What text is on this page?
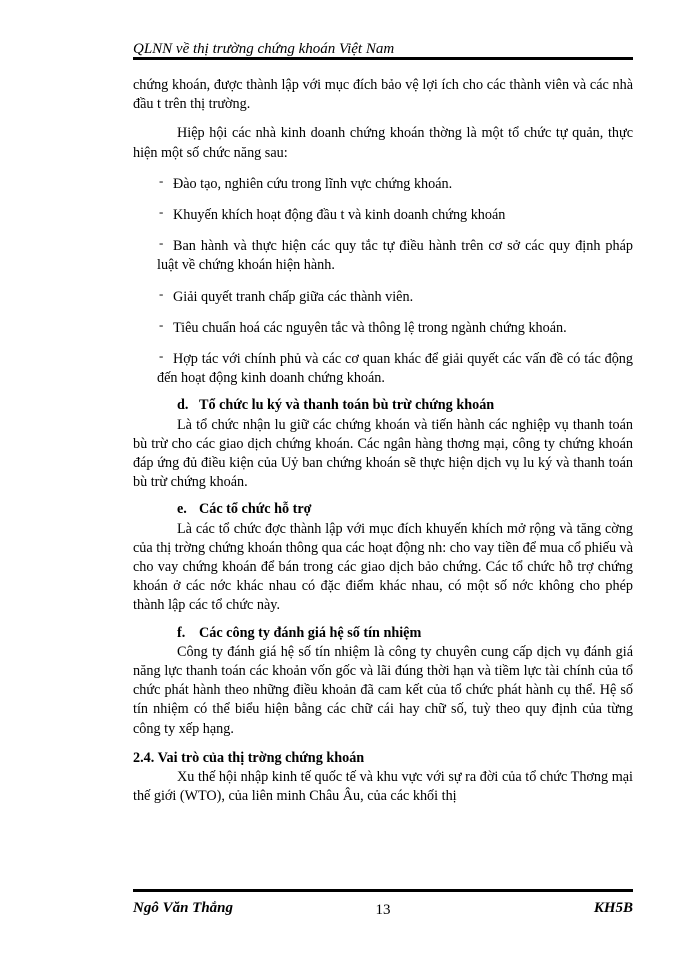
QLNN về thị trường chứng khoán Việt Nam

chứng khoán, được thành lập với mục đích bảo vệ lợi ích cho các thành viên và các nhà đầu t trên thị trường.

Hiệp hội các nhà kinh doanh chứng khoán thờng là một tổ chức tự quản, thực hiện một số chức năng sau:

- Đào tạo, nghiên cứu trong lĩnh vực chứng khoán.
- Khuyến khích hoạt động đầu t và kinh doanh chứng khoán
- Ban hành và thực hiện các quy tắc tự điều hành trên cơ sở các quy định pháp luật về chứng khoán hiện hành.
- Giải quyết tranh chấp giữa các thành viên.
- Tiêu chuẩn hoá các nguyên tắc và thông lệ trong ngành chứng khoán.
- Hợp tác với chính phủ và các cơ quan khác để giải quyết các vấn đề có tác động đến hoạt động kinh doanh chứng khoán.

d. Tổ chức lu ký và thanh toán bù trừ chứng khoán

Là tổ chức nhận lu giữ các chứng khoán và tiến hành các nghiệp vụ thanh toán bù trừ cho các giao dịch chứng khoán. Các ngân hàng thơng mại, công ty chứng khoán đáp ứng đủ điều kiện của Uỷ ban chứng khoán sẽ thực hiện dịch vụ lu ký và thanh toán bù trừ chứng khoán.

e. Các tổ chức hỗ trợ

Là các tổ chức đợc thành lập với mục đích khuyến khích mở rộng và tăng cờng của thị trờng chứng khoán thông qua các hoạt động nh: cho vay tiền để mua cổ phiếu và cho vay chứng khoán để bán trong các giao dịch bảo chứng. Các tổ chức hỗ trợ chứng khoán ở các nớc khác nhau có đặc điểm khác nhau, có một số nớc không cho phép thành lập các tổ chức này.

f. Các công ty đánh giá hệ số tín nhiệm

Công ty đánh giá hệ số tín nhiệm là công ty chuyên cung cấp dịch vụ đánh giá năng lực thanh toán các khoản vốn gốc và lãi đúng thời hạn và tiềm lực tài chính của tổ chức phát hành theo những điều khoản đã cam kết của tổ chức phát hành cụ thể. Hệ số tín nhiệm có thể biểu hiện bằng các chữ cái hay chữ số, tuỳ theo quy định của từng công ty xếp hạng.

2.4. Vai trò của thị trờng chứng khoán

Xu thế hội nhập kinh tế quốc tế và khu vực với sự ra đời của tổ chức Thơng mại thế giới (WTO), của liên minh Châu Âu, của các khối thị

Ngô Văn Thắng	13	KH5B
